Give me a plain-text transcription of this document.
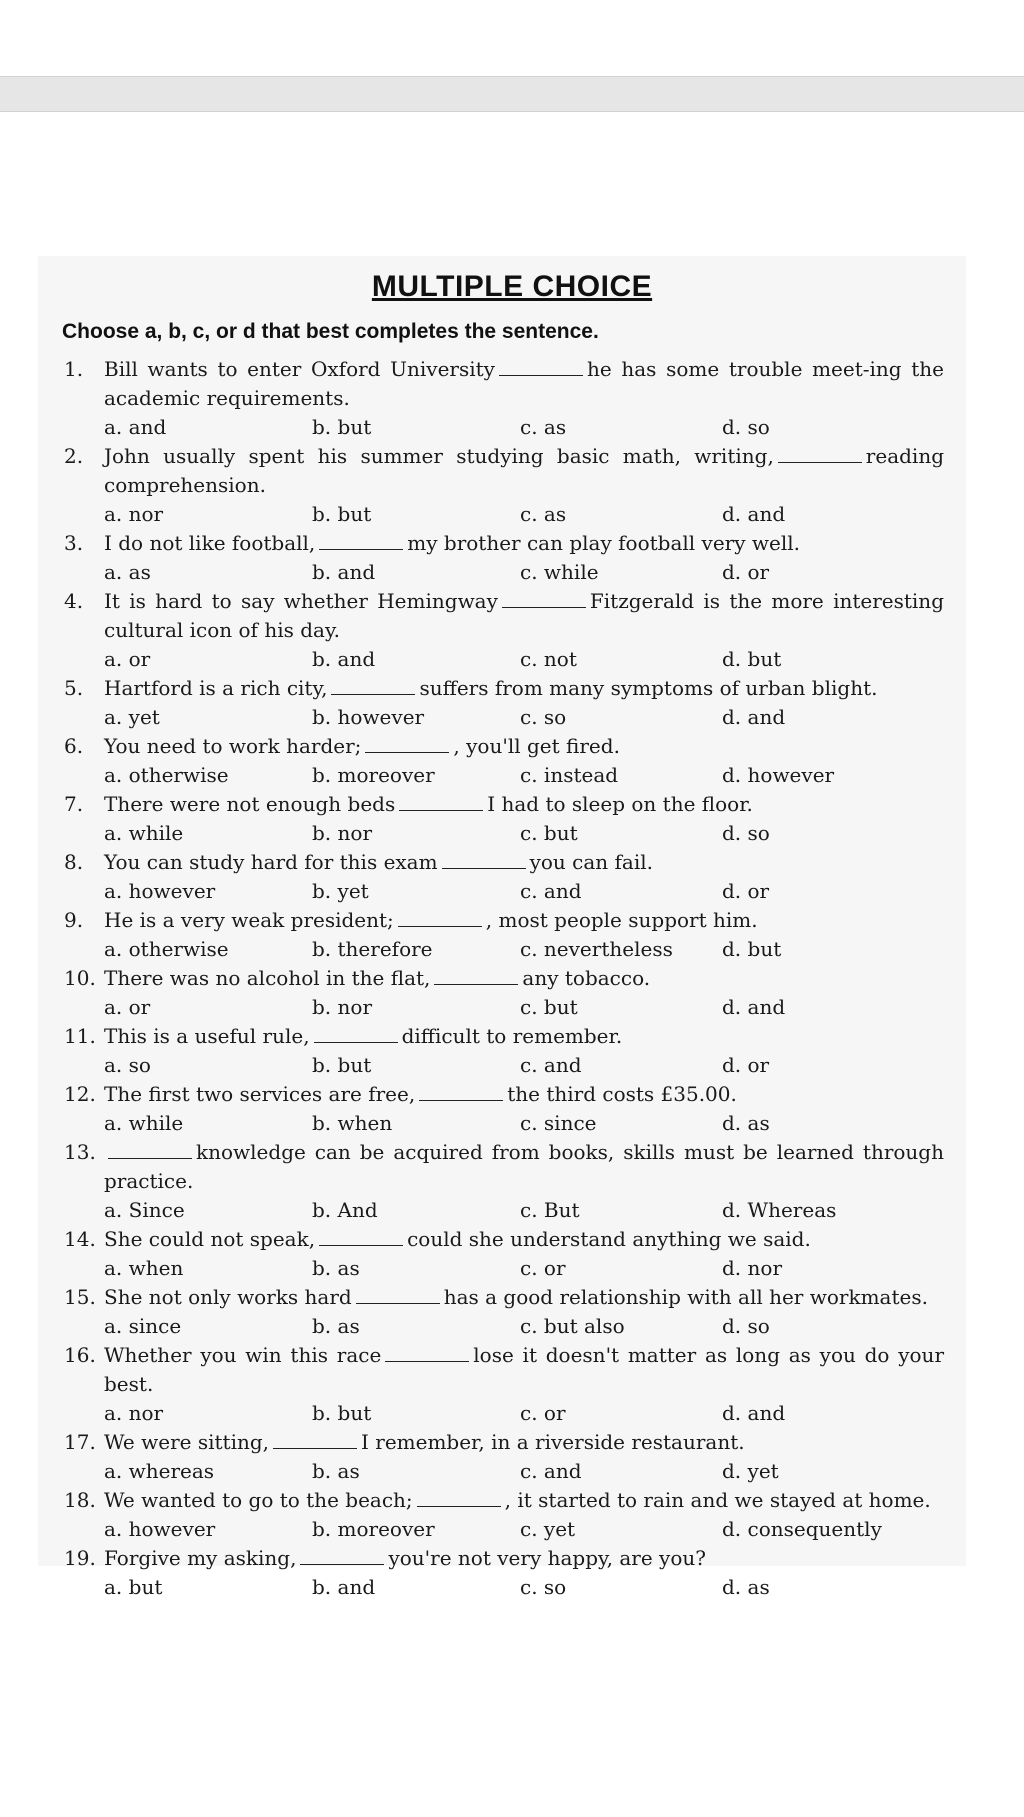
MULTIPLE CHOICE
Choose a, b, c, or d that best completes the sentence.
1. Bill wants to enter Oxford University	he has some trouble meet-ing the academic requirements.
a. and	b. but	c. as	d. so
2. John usually spent his summer studying basic math, writing,	reading comprehension.
a. nor	b. but	c. as	d. and
3. I do not like football,	my brother can play football very well.
a. as	b. and	c. while	d. or
4. It is hard to say whether Hemingway	Fitzgerald is the more interesting cultural icon of his day.
a. or	b. and	c. not	d. but
5. Hartford is a rich city,	suffers from many symptoms of urban blight.
a. yet	b. however	c. so	d. and
6. You need to work harder;	, you'll get fired.
a. otherwise	b. moreover	c. instead	d. however
7. There were not enough beds	I had to sleep on the floor.
a. while	b. nor	c. but	d. so
8. You can study hard for this exam	you can fail.
a. however	b. yet	c. and	d. or
9. He is a very weak president;	, most people support him.
a. otherwise	b. therefore	c. nevertheless d. but
10. There was no alcohol in the flat,	any tobacco.
a. or	b. nor	c. but	d. and
11. This is a useful rule,	difficult to remember.
a. so	b. but	c. and	d. or
12. The first two services are free,	the third costs £35.00.
a. while	b. when	c. since	d. as
13.	knowledge can be acquired from books, skills must be learned through practice.
a. Since	b. And	c. But	d. Whereas
14. She could not speak,	could she understand anything we said.
a. when	b. as	c. or	d. nor
15. She not only works hard	has a good relationship with all her workmates.
a. since	b. as	c. but also	d. so
16. Whether you win this race	lose it doesn't matter as long as you do your best.
a. nor	b. but	c. or	d. and
17. We were sitting,	I remember, in a riverside restaurant.
a. whereas	b. as	c. and	d. yet
18. We wanted to go to the beach;	, it started to rain and we stayed at home.
a. however	b. moreover	c. yet	d. consequently
19. Forgive my asking,	you're not very happy, are you?
a. but	b. and	c. so	d. as
